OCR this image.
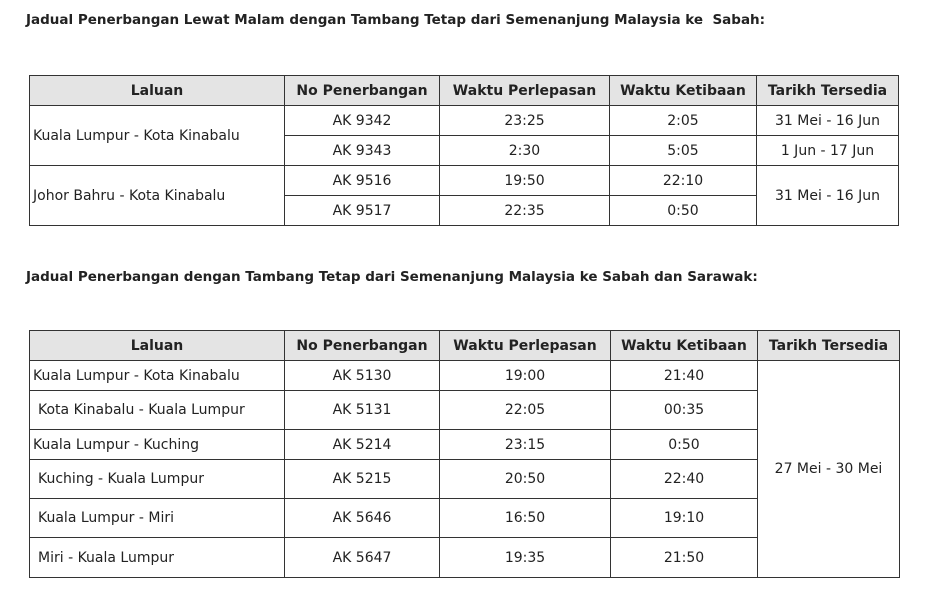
Jadual Penerbangan Lewat Malam dengan Tambang Tetap dari Semenanjung Malaysia ke  Sabah:
Laluan	No Penerbangan	Waktu Perlepasan	Waktu Ketibaan	Tarikh Tersedia
Kuala Lumpur - Kota Kinabalu	AK 9342	23:25	2:05	31 Mei - 16 Jun
	AK 9343	2:30	5:05	1 Jun - 17 Jun
Johor Bahru - Kota Kinabalu	AK 9516	19:50	22:10	31 Mei - 16 Jun
	AK 9517	22:35	0:50	
Jadual Penerbangan dengan Tambang Tetap dari Semenanjung Malaysia ke Sabah dan Sarawak:
Laluan	No Penerbangan	Waktu Perlepasan	Waktu Ketibaan	Tarikh Tersedia
Kuala Lumpur - Kota Kinabalu	AK 5130	19:00	21:40	27 Mei - 30 Mei
Kota Kinabalu - Kuala Lumpur	AK 5131	22:05	00:35	
Kuala Lumpur - Kuching	AK 5214	23:15	0:50	
Kuching - Kuala Lumpur	AK 5215	20:50	22:40	
Kuala Lumpur - Miri	AK 5646	16:50	19:10	
Miri - Kuala Lumpur	AK 5647	19:35	21:50	
